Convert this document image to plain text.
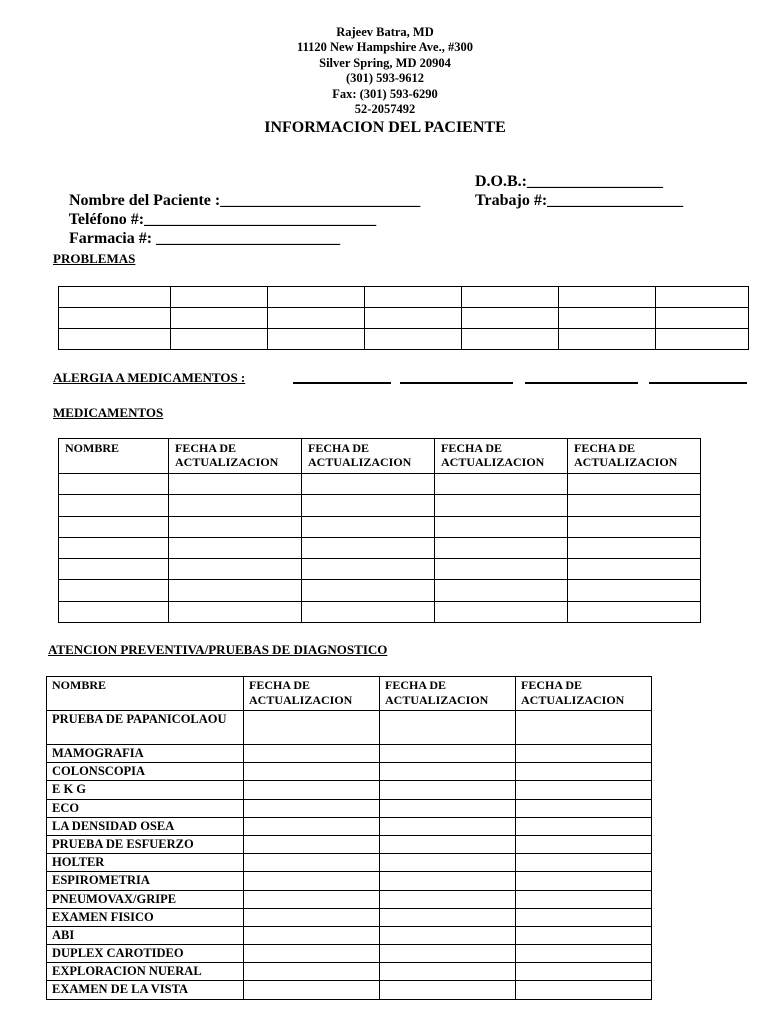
Rajeev Batra, MD
11120 New Hampshire Ave., #300
Silver Spring, MD 20904
(301) 593-9612
Fax: (301) 593-6290
52-2057492
INFORMACION DEL PACIENTE

Nombre del Paciente :_________________________

D.O.B.:_________________

Teléfono #:_____________________________

Trabajo #:_________________

Farmacia #: _______________________

PROBLEMAS

ALERGIA A MEDICAMENTOS :
MEDICAMENTOS
NOMBRE	FECHA DE ACTUALIZACION	FECHA DE ACTUALIZACION	FECHA DE ACTUALIZACION	FECHA DE ACTUALIZACION

ATENCION PREVENTIVA/PRUEBAS DE DIAGNOSTICO
NOMBRE	FECHA DE ACTUALIZACION	FECHA DE ACTUALIZACION	FECHA DE ACTUALIZACION
PRUEBA DE PAPANICOLAOU			
MAMOGRAFIA			
COLONSCOPIA			
E K G			
ECO			
LA DENSIDAD OSEA			
PRUEBA DE ESFUERZO			
HOLTER			
ESPIROMETRIA			
PNEUMOVAX/GRIPE			
EXAMEN FISICO			
ABI			
DUPLEX CAROTIDEO			
EXPLORACION NUERAL			
EXAMEN DE LA VISTA			
